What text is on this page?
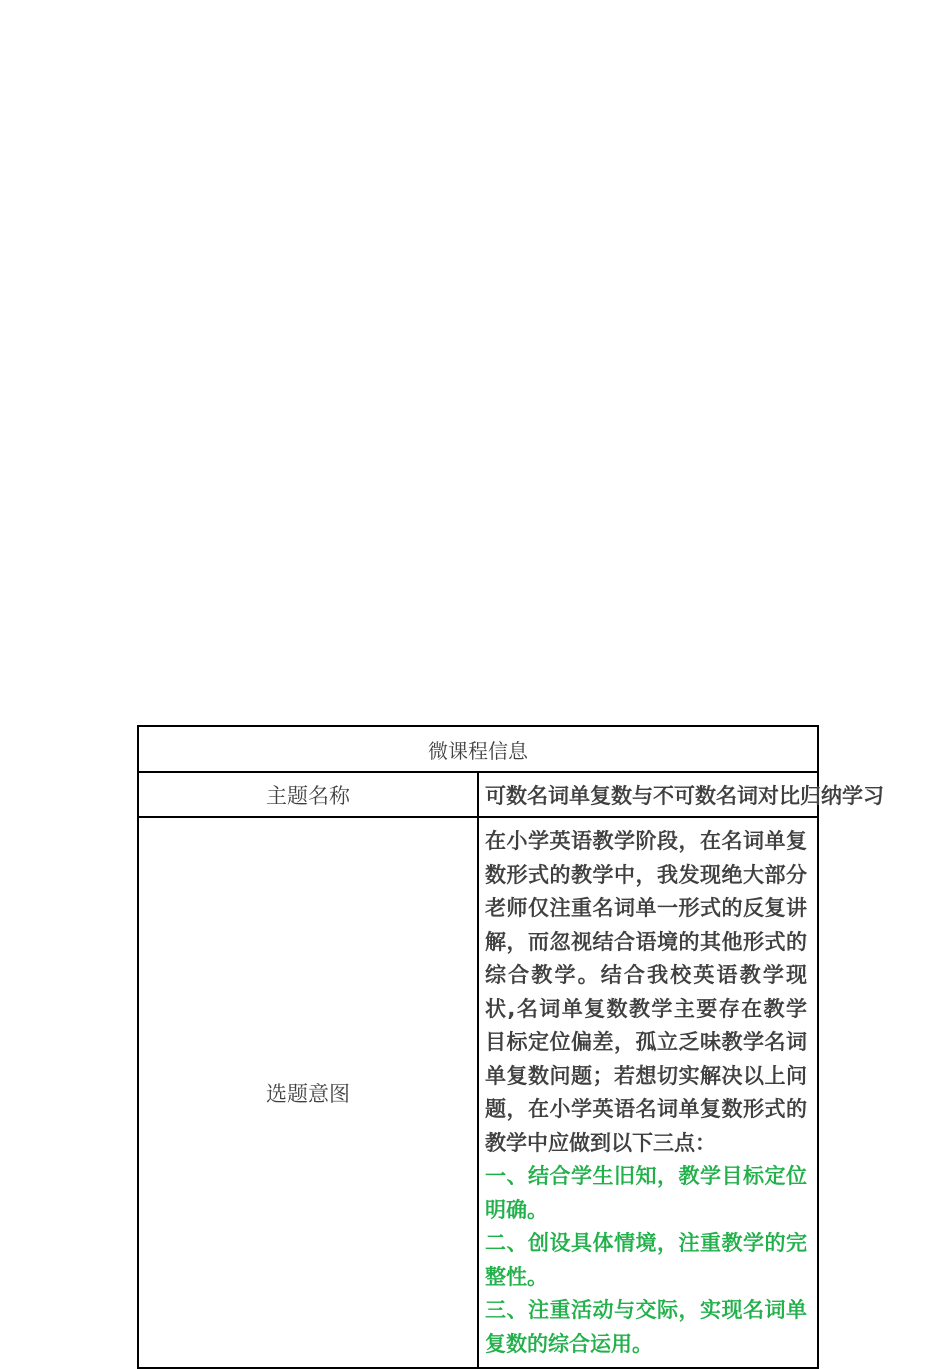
微课程信息	
主题名称	可数名词单复数与不可数名词对比归纳学习
选题意图	在小学英语教学阶段，在名词单复数形式的教学中，我发现绝大部分老师仅注重名词单一形式的反复讲解，而忽视结合语境的其他形式的综合教学。结合我校英语教学现状,名词单复数教学主要存在教学目标定位偏差，孤立乏味教学名词单复数问题；若想切实解决以上问题，在小学英语名词单复数形式的教学中应做到以下三点：

一、结合学生旧知，教学目标定位明确。

二、创设具体情境，注重教学的完整性。

三、注重活动与交际，实现名词单复数的综合运用。
